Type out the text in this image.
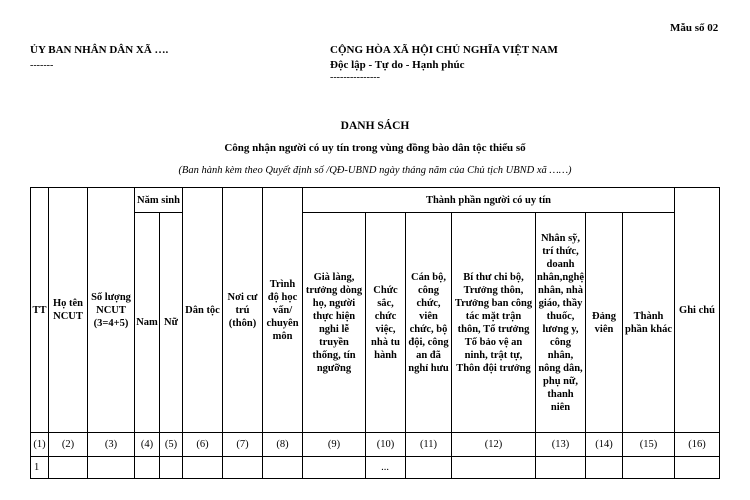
Mẫu số 02
ỦY BAN NHÂN DÂN XÃ ….
-------
CỘNG HÒA XÃ HỘI CHỦ NGHĨA VIỆT NAM
Độc lập - Tự do - Hạnh phúc
---------------
DANH SÁCH
Công nhận người có uy tín trong vùng đồng bào dân tộc thiểu số
(Ban hành kèm theo Quyết định số /QĐ-UBND ngày tháng năm của Chủ tịch UBND xã ……)
TT	Họ tên NCUT	Số lượng NCUT (3=4+5)	Năm sinh		Dân tộc	Nơi cư trú (thôn)	Trình độ học vấn/ chuyên môn	Thành phần người có uy tín							Ghi chú
			Nam	Nữ				Già làng, trưởng dòng họ, người thực hiện nghi lễ truyền thống, tín ngưỡng	Chức sắc, chức việc, nhà tu hành	Cán bộ, công chức, viên chức, bộ đội, công an đã nghỉ hưu	Bí thư chi bộ, Trưởng thôn, Trưởng ban công tác mặt trận thôn, Tổ trưởng Tổ bảo vệ an ninh, trật tự, Thôn đội trưởng	Nhân sỹ, trí thức, doanh nhân,nghệ nhân, nhà giáo, thầy thuốc, lương y, công nhân, nông dân, phụ nữ, thanh niên	Đảng viên	Thành phần khác	
(1)	(2)	(3)	(4)	(5)	(6)	(7)	(8)	(9)	(10)	(11)	(12)	(13)	(14)	(15)	(16)
1									...						
